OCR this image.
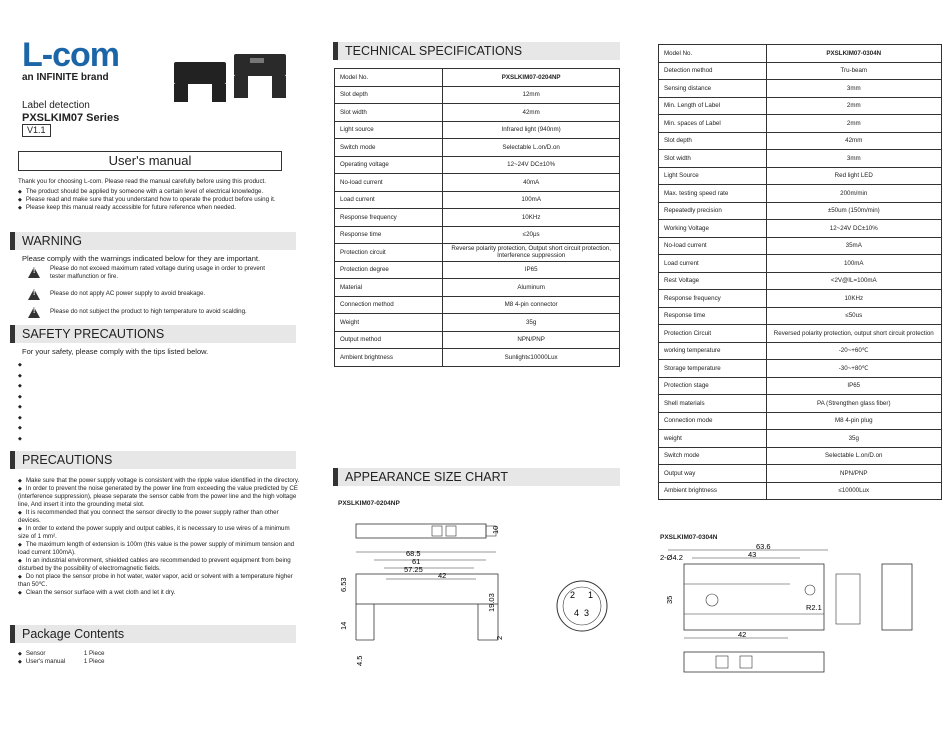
L-com
an INFINITE brand
Label detection
PXSLKIM07 Series
V1.1
User's manual
Thank you for choosing L-com. Please read the manual carefully before using this product.
◆ The product should be applied by someone with a certain level of electrical knowledge.
◆ Please read and make sure that you understand how to operate the product before using it.
◆ Please keep this manual ready accessible for future reference when needed.
WARNING
Please comply with the warnings indicated below for they are important.
!
Please do not exceed maximum rated voltage during usage in order to prevent tester malfunction or fire.
!
Please do not apply AC power supply to avoid breakage.
!
Please do not subject the product to high temperature to avoid scalding.
SAFETY PRECAUTIONS
For your safety, please comply with the tips listed below.
◆
◆
◆
◆
◆
◆
◆
◆
PRECAUTIONS
◆ Make sure that the power supply voltage is consistent with the ripple value identified in the directory.
◆ In order to prevent the noise generated by the power line from exceeding the value predicted by CE (interference suppression), please separate the sensor cable from the power line and the high voltage line, And insert it into the grounding metal slot.
◆ It is recommended that you connect the sensor directly to the power supply rather than other devices.
◆ In order to extend the power supply and output cables, it is necessary to use wires of a minimum size of 1 mm².
◆ The maximum length of extension is 100m (this value is the power supply of minimum tension and load current 100mA).
◆ In an industrial environment, shielded cables are recommended to prevent equipment from being disturbed by the possibility of electromagnetic fields.
◆ Do not place the sensor probe in hot water, water vapor, acid or solvent with a temperature higher than 50℃.
◆ Clean the sensor surface with a wet cloth and let it dry.
Package Contents
◆ Sensor	1 Piece
◆ User's manual	1 Piece
TECHNICAL SPECIFICATIONS
Model No.	PXSLKIM07-0204NP
Slot depth	12mm
Slot width	42mm
Light source	Infrared light (940nm)
Switch mode	Selectable L.on/D.on
Operating voltage	12~24V DC±10%
No-load current	40mA
Load current	100mA
Response frequency	10KHz
Response time	≤20μs
Protection circuit	Reverse polarity protection, Output short circuit protection, Interference suppression
Protection degree	IP65
Material	Aluminum
Connection method	M8 4-pin connector
Weight	35g
Output method	NPN/PNP
Ambient brightness	Sunlight≤10000Lux
APPEARANCE SIZE CHART
PXSLKIM07-0204NP
68.5
61
57.25
42
10
6.53
19.03
14
4.5
2
2 1
4 3
Model No.	PXSLKIM07-0304N
Detection method	Tru-beam
Sensing distance	3mm
Min. Length of Label	2mm
Min. spaces of Label	2mm
Slot depth	42mm
Slot width	3mm
Light Source	Red light LED
Max. testing speed rate	200m/min
Repeatedly precision	±50um (150m/min)
Working Voltage	12~24V DC±10%
No-load current	35mA
Load current	100mA
Rest Voltage	<2V@IL=100mA
Response frequency	10KHz
Response time	≤50us
Protection Circuit	Reversed polarity protection, output short circuit protection
working temperature	-20~+60℃
Storage temperature	-30~+80℃
Protection stage	IP65
Shell materials	PA (Strengthen glass fiber)
Connection mode	M8 4-pin plug
weight	35g
Switch mode	Selectable L.on/D.on
Output way	NPN/PNP
Ambient brightness	≤10000Lux
PXSLKIM07-0304N
63.6
43
2-Ø4.2
R2.1
35
42
